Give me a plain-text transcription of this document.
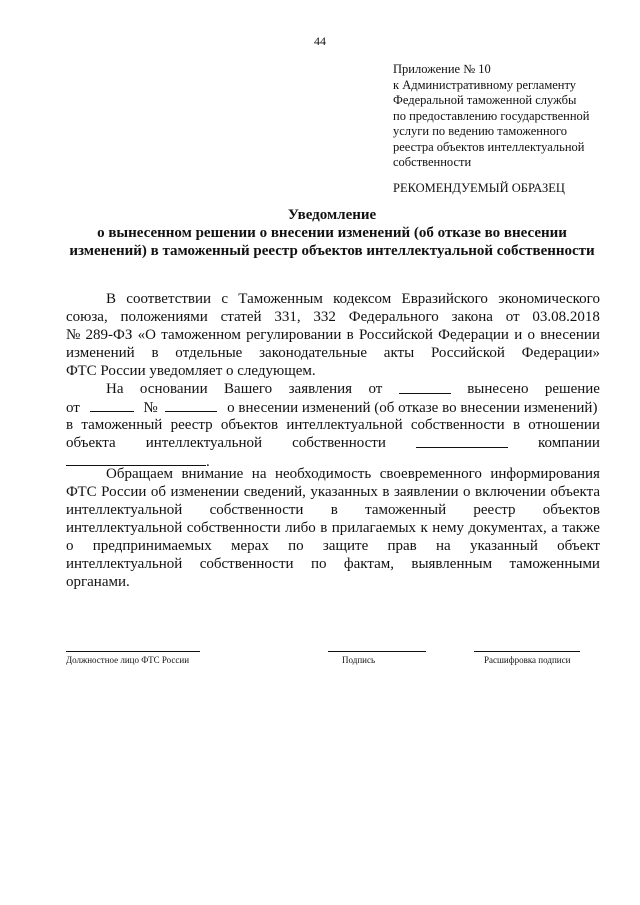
44
Приложение № 10
к Административному регламенту
Федеральной таможенной службы
по предоставлению государственной
услуги по ведению таможенного
реестра объектов интеллектуальной
собственности
РЕКОМЕНДУЕМЫЙ ОБРАЗЕЦ
Уведомление
о вынесенном решении о внесении изменений (об отказе во внесении
изменений) в таможенный реестр объектов интеллектуальной собственности
В соответствии с Таможенным кодексом Евразийского экономического
союза, положениями статей 331, 332 Федерального закона от 03.08.2018
№ 289-ФЗ «О таможенном регулировании в Российской Федерации и о внесении
изменений в отдельные законодательные акты Российской Федерации»
ФТС России уведомляет о следующем.
На основании Вашего заявления от	вынесено решение
от	№	о внесении изменений (об отказе во внесении изменений)
в таможенный реестр объектов интеллектуальной собственности в отношении
объекта интеллектуальной собственности	компании
.
Обращаем внимание на необходимость своевременного информирования
ФТС России об изменении сведений, указанных в заявлении о включении объекта
интеллектуальной собственности в таможенный реестр объектов
интеллектуальной собственности либо в прилагаемых к нему документах, а также
о предпринимаемых мерах по защите прав на указанный объект
интеллектуальной собственности по фактам, выявленным таможенными
органами.
Должностное лицо ФТС России	Подпись	Расшифровка подписи
